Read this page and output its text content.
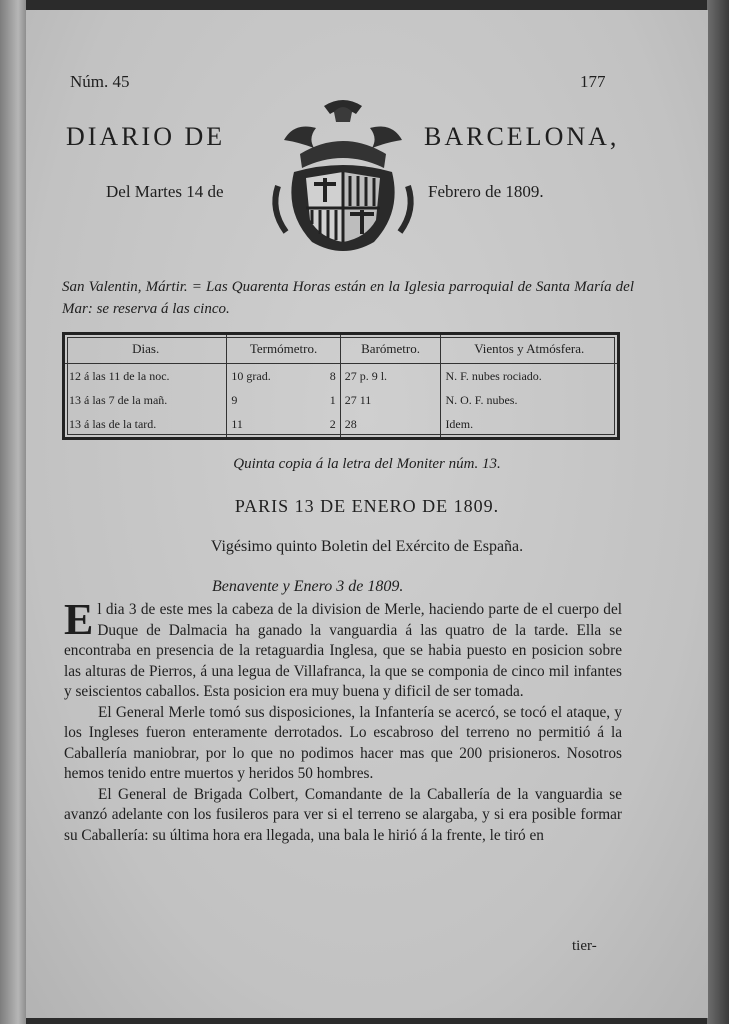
Núm. 45	177
DIARIO DE	BARCELONA,
Del Martes 14 de	Febrero de 1809.
San Valentin, Mártir. = Las Quarenta Horas están en la Iglesia parroquial de Santa María del Mar: se reserva á las cinco.
Dias.	Termómetro.		Barómetro.	Vientos y Atmósfera.
12 á las 11 de la noc.	10 grad.	8	27 p. 9 l.	N. F. nubes rociado.
13 á las 7 de la mañ.	9	1	27 11	N. O. F. nubes.
13 á las de la tard.	11	2	28	Idem.
Quinta copia á la letra del Moniter núm. 13.
PARIS 13 DE ENERO DE 1809.
Vigésimo quinto Boletin del Exército de España.
Benavente y Enero 3 de 1809.

El dia 3 de este mes la cabeza de la division de Merle, haciendo parte de el cuerpo del Duque de Dalmacia ha ganado la vanguardia á las quatro de la tarde. Ella se encontraba en presencia de la retaguardia Inglesa, que se habia puesto en posicion sobre las alturas de Pierros, á una legua de Villafranca, la que se componia de cinco mil infantes y seiscientos caballos. Esta posicion era muy buena y dificil de ser tomada.

El General Merle tomó sus disposiciones, la Infantería se acercó, se tocó el ataque, y los Ingleses fueron enteramente derrotados. Lo escabroso del terreno no permitió á la Caballería maniobrar, por lo que no podimos hacer mas que 200 prisioneros. Nosotros hemos tenido entre muertos y heridos 50 hombres.

El General de Brigada Colbert, Comandante de la Caballería de la vanguardia se avanzó adelante con los fusileros para ver si el terreno se alargaba, y si era posible formar su Caballería: su última hora era llegada, una bala le hirió á la frente, le tiró en

tier-
